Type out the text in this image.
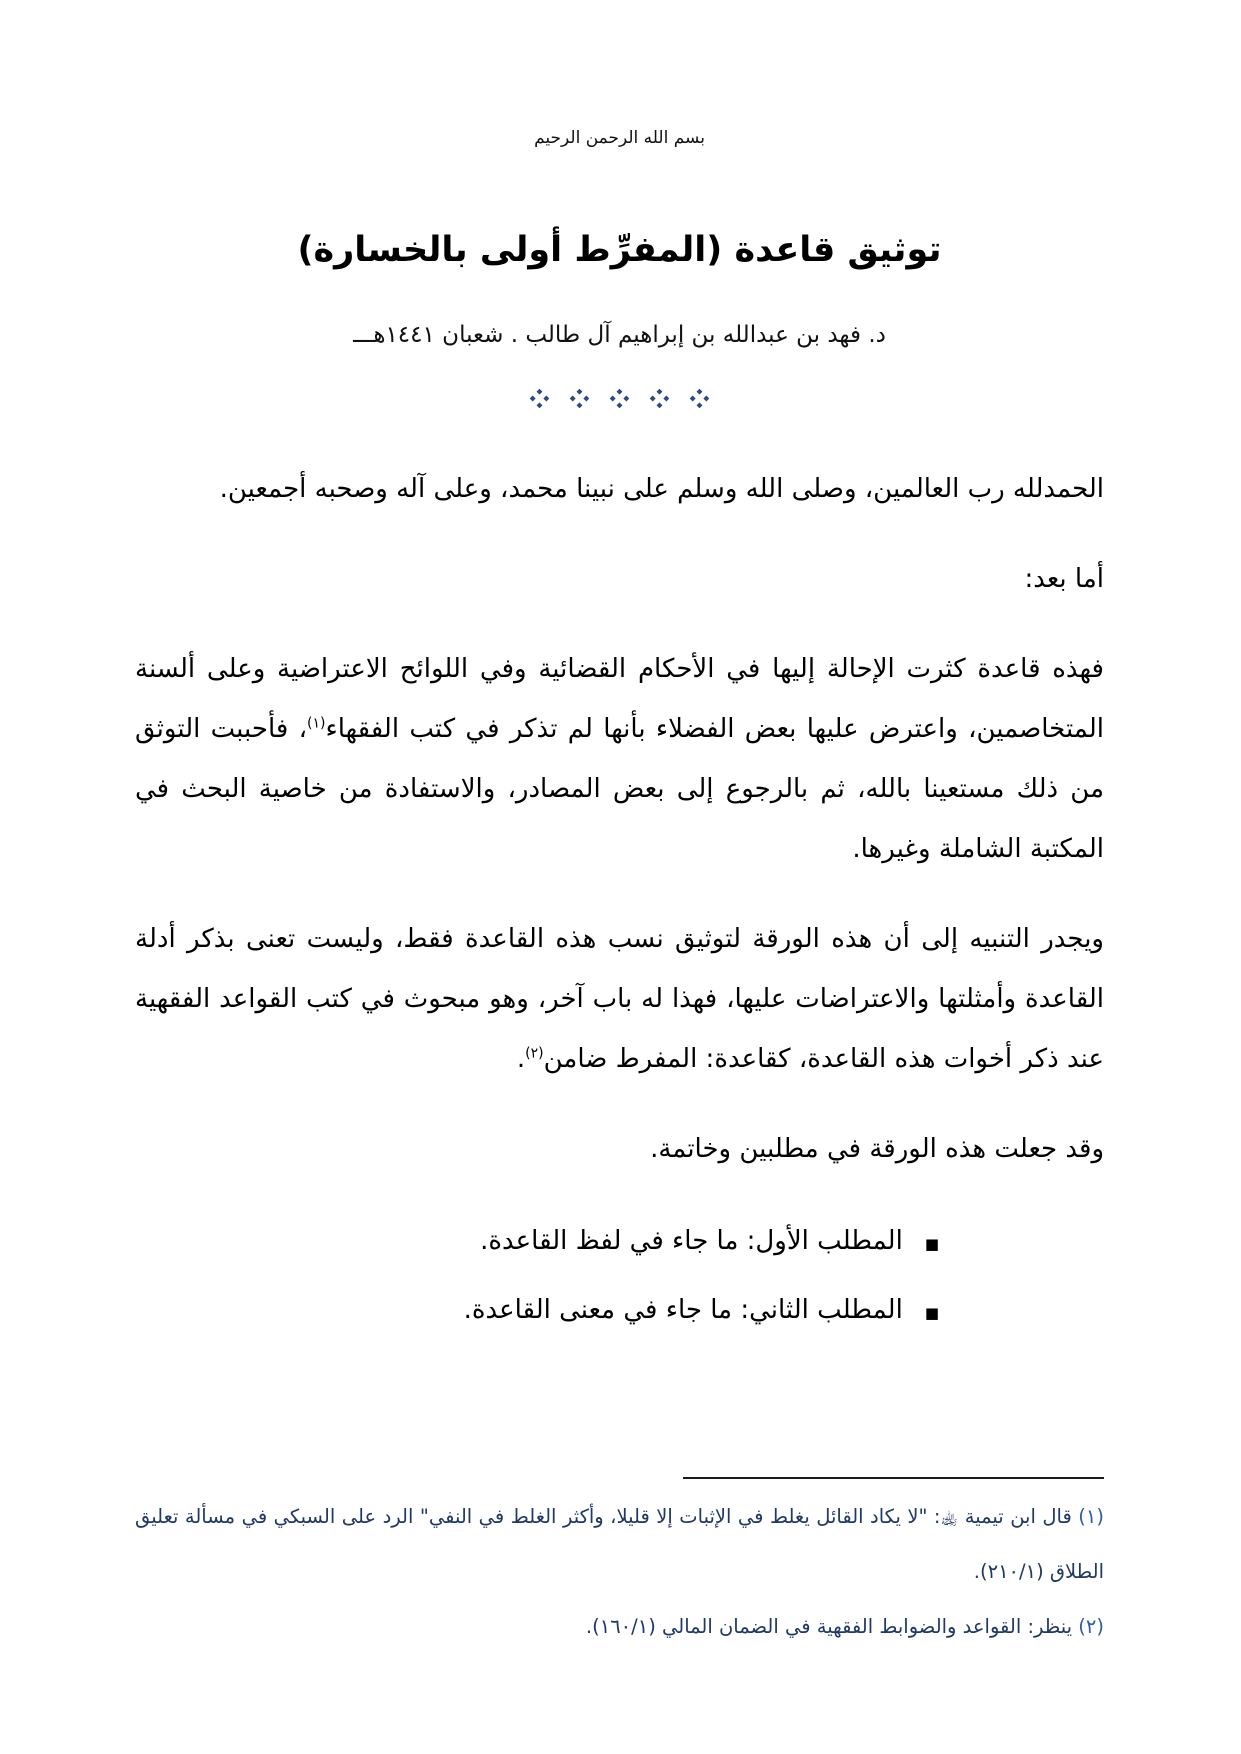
بسم الله الرحمن الرحيم
توثيق قاعدة (المفرِّط أولى بالخسارة)
د. فهد بن عبدالله بن إبراهيم آل طالب . شعبان ١٤٤١هـــ

الحمدلله رب العالمين، وصلى الله وسلم على نبينا محمد، وعلى آله وصحبه أجمعين.

أما بعد:

فهذه قاعدة كثرت الإحالة إليها في الأحكام القضائية وفي اللوائح الاعتراضية وعلى ألسنة المتخاصمين، واعترض عليها بعض الفضلاء بأنها لم تذكر في كتب الفقهاء$^{(١)}$، فأحببت التوثق من ذلك مستعينا بالله، ثم بالرجوع إلى بعض المصادر، والاستفادة من خاصية البحث في المكتبة الشاملة وغيرها.

ويجدر التنبيه إلى أن هذه الورقة لتوثيق نسب هذه القاعدة فقط، وليست تعنى بذكر أدلة القاعدة وأمثلتها والاعتراضات عليها، فهذا له باب آخر، وهو مبحوث في كتب القواعد الفقهية عند ذكر أخوات هذه القاعدة، كقاعدة: المفرط ضامن$^{(٢)}$.

وقد جعلت هذه الورقة في مطلبين وخاتمة.

■
المطلب الأول: ما جاء في لفظ القاعدة.
■
المطلب الثاني: ما جاء في معنى القاعدة.

(١) قال ابن تيمية ﵀: "لا يكاد القائل يغلط في الإثبات إلا قليلا، وأكثر الغلط في النفي" الرد على السبكي في مسألة تعليق الطلاق (٢١٠/١).

(٢) ينظر: القواعد والضوابط الفقهية في الضمان المالي (١٦٠/١).
